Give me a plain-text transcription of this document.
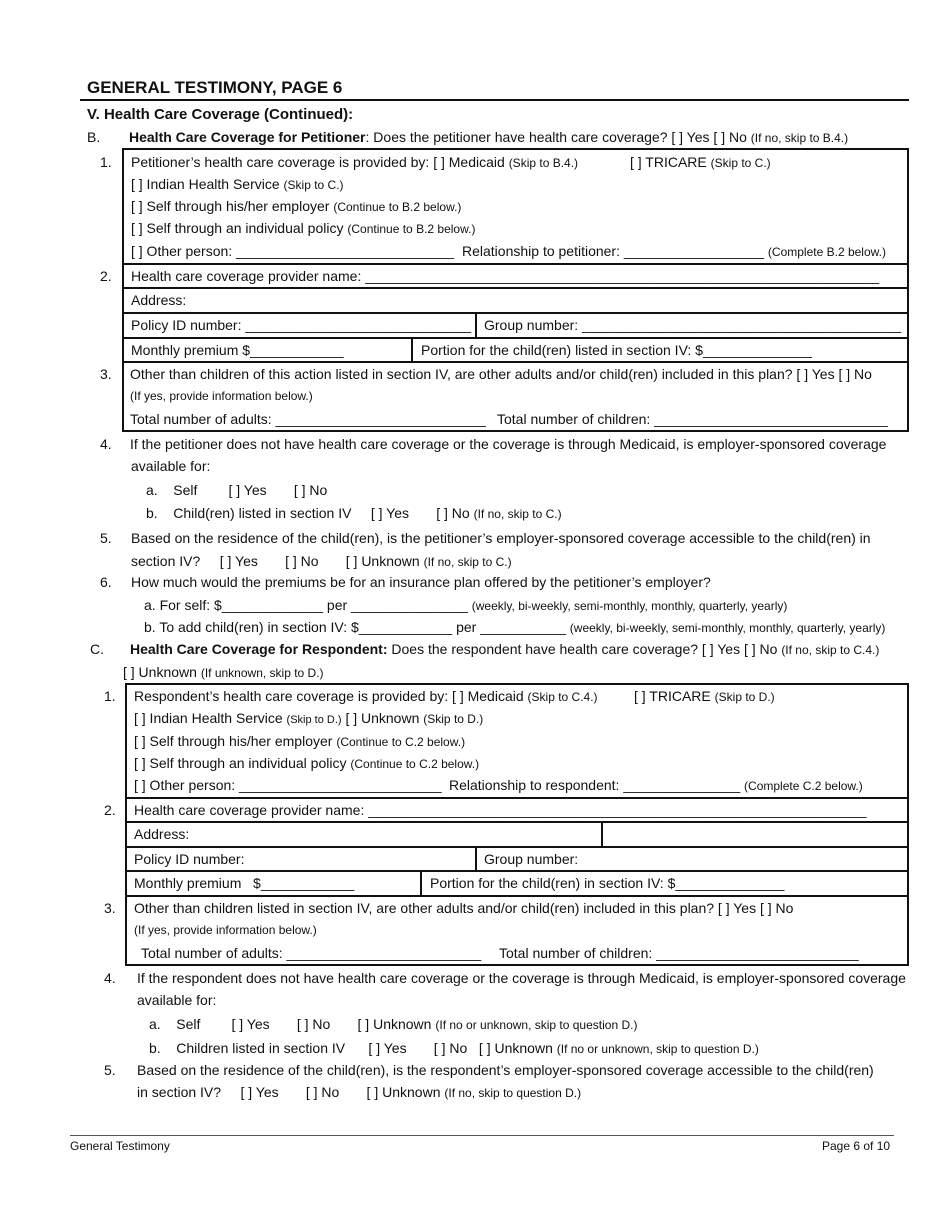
GENERAL TESTIMONY, PAGE 6
V. Health Care Coverage (Continued):
B. Health Care Coverage for Petitioner: Does the petitioner have health care coverage? [ ] Yes [ ] No (If no, skip to B.4.)
1. Petitioner’s health care coverage is provided by: [ ] Medicaid (Skip to B.4.)	[ ] TRICARE (Skip to C.)
[ ] Indian Health Service (Skip to C.)
[ ] Self through his/her employer (Continue to B.2 below.)
[ ] Self through an individual policy (Continue to B.2 below.)
[ ] Other person: ____________________________ Relationship to petitioner: __________________ (Complete B.2 below.)
2. Health care coverage provider name: __________________________________________________________________
Address:
Policy ID number: _____________________________ Group number: _________________________________________
Monthly premium $____________	Portion for the child(ren) listed in section IV: $______________
3. Other than children of this action listed in section IV, are other adults and/or child(ren) included in this plan? [ ] Yes [ ] No
(If yes, provide information below.)
Total number of adults: ___________________________ Total number of children: ______________________________
4. If the petitioner does not have health care coverage or the coverage is through Medicaid, is employer-sponsored coverage
available for:
a.    Self        [ ] Yes       [ ] No
b.    Child(ren) listed in section IV     [ ] Yes       [ ] No (If no, skip to C.)
5. Based on the residence of the child(ren), is the petitioner’s employer-sponsored coverage accessible to the child(ren) in
section IV?     [ ] Yes       [ ] No       [ ] Unknown (If no, skip to C.)
6. How much would the premiums be for an insurance plan offered by the petitioner’s employer?
a. For self: $_____________ per _______________ (weekly, bi-weekly, semi-monthly, monthly, quarterly, yearly)
b. To add child(ren) in section IV: $____________ per ___________ (weekly, bi-weekly, semi-monthly, monthly, quarterly, yearly)
C. Health Care Coverage for Respondent: Does the respondent have health care coverage? [ ] Yes [ ] No (If no, skip to C.4.)
[ ] Unknown (If unknown, skip to D.)
1. Respondent’s health care coverage is provided by: [ ] Medicaid (Skip to C.4.)	[ ] TRICARE (Skip to D.)
[ ] Indian Health Service (Skip to D.) [ ] Unknown (Skip to D.)
[ ] Self through his/her employer (Continue to C.2 below.)
[ ] Self through an individual policy (Continue to C.2 below.)
[ ] Other person: __________________________ Relationship to respondent: _______________ (Complete C.2 below.)
2. Health care coverage provider name: ________________________________________________________________
Address:
Policy ID number:	Group number:
Monthly premium   $____________	Portion for the child(ren) in section IV: $______________
3. Other than children listed in section IV, are other adults and/or child(ren) included in this plan? [ ] Yes [ ] No
(If yes, provide information below.)
Total number of adults: _________________________ Total number of children: __________________________
4. If the respondent does not have health care coverage or the coverage is through Medicaid, is employer-sponsored coverage
available for:
a.    Self        [ ] Yes       [ ] No       [ ] Unknown (If no or unknown, skip to question D.)
b.    Children listed in section IV      [ ] Yes       [ ] No   [ ] Unknown (If no or unknown, skip to question D.)
5. Based on the residence of the child(ren), is the respondent’s employer-sponsored coverage accessible to the child(ren)
in section IV?     [ ] Yes       [ ] No       [ ] Unknown (If no, skip to question D.)
General Testimony	Page 6 of 10
